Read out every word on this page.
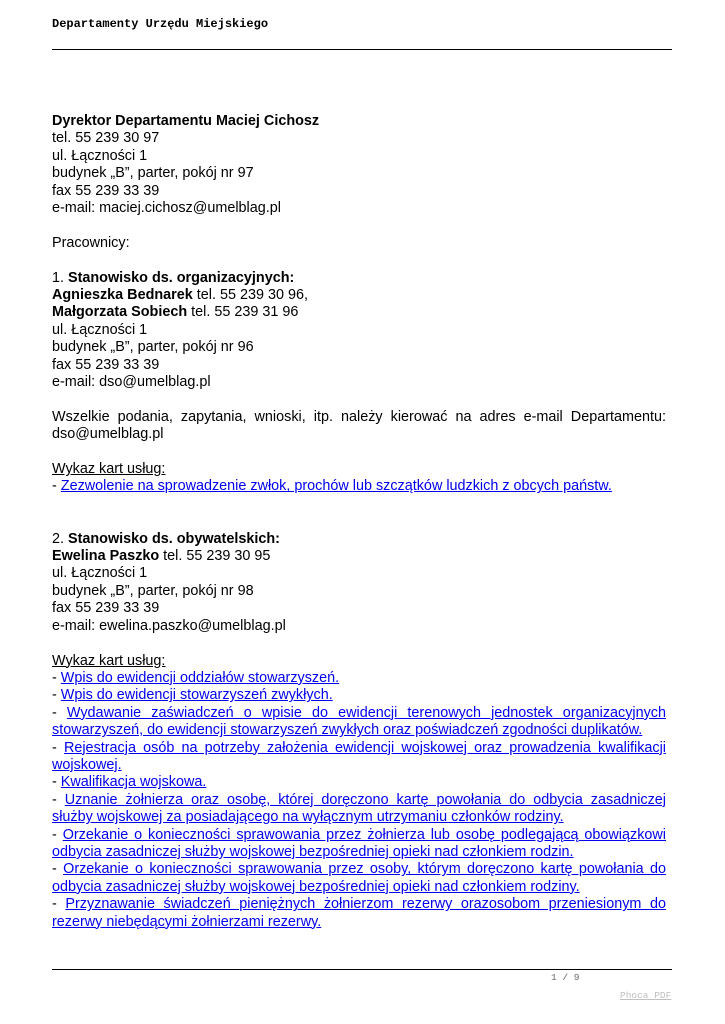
Departamenty Urzędu Miejskiego

Dyrektor Departamentu Maciej Cichosz
tel. 55 239 30 97
ul. Łączności 1
budynek „B”, parter, pokój nr 97
fax 55 239 33 39
e-mail: maciej.cichosz@umelblag.pl

Pracownicy:

1. Stanowisko ds. organizacyjnych:
Agnieszka Bednarek tel. 55 239 30 96,
Małgorzata Sobiech tel. 55 239 31 96
ul. Łączności 1
budynek „B”, parter, pokój nr 96
fax 55 239 33 39
e-mail: dso@umelblag.pl

Wszelkie podania, zapytania, wnioski, itp. należy kierować na adres e-mail Departamentu: dso@umelblag.pl

Wykaz kart usług:

- Zezwolenie na sprowadzenie zwłok, prochów lub szczątków ludzkich z obcych państw.

2. Stanowisko ds. obywatelskich:
Ewelina Paszko tel. 55 239 30 95
ul. Łączności 1
budynek „B”, parter, pokój nr 98
fax 55 239 33 39
e-mail: ewelina.paszko@umelblag.pl

Wykaz kart usług:

- Wpis do ewidencji oddziałów stowarzyszeń.

- Wpis do ewidencji stowarzyszeń zwykłych.

- Wydawanie zaświadczeń o wpisie do ewidencji terenowych jednostek organizacyjnych stowarzyszeń, do ewidencji stowarzyszeń zwykłych oraz poświadczeń zgodności duplikatów.

- Rejestracja osób na potrzeby założenia ewidencji wojskowej oraz prowadzenia kwalifikacji wojskowej.

- Kwalifikacja wojskowa.

- Uznanie żołnierza oraz osobę, której doręczono kartę powołania do odbycia zasadniczej służby wojskowej za posiadającego na wyłącznym utrzymaniu członków rodziny.

- Orzekanie o konieczności sprawowania przez żołnierza lub osobę podlegającą obowiązkowi odbycia zasadniczej służby wojskowej bezpośredniej opieki nad członkiem rodzin.

- Orzekanie o konieczności sprawowania przez osoby, którym doręczono kartę powołania do odbycia zasadniczej służby wojskowej bezpośredniej opieki nad członkiem rodziny.

- Przyznawanie świadczeń pieniężnych żołnierzom rezerwy orazosobom przeniesionym do rezerwy niebędącymi żołnierzami rezerwy.

1 / 9
Phoca PDF
